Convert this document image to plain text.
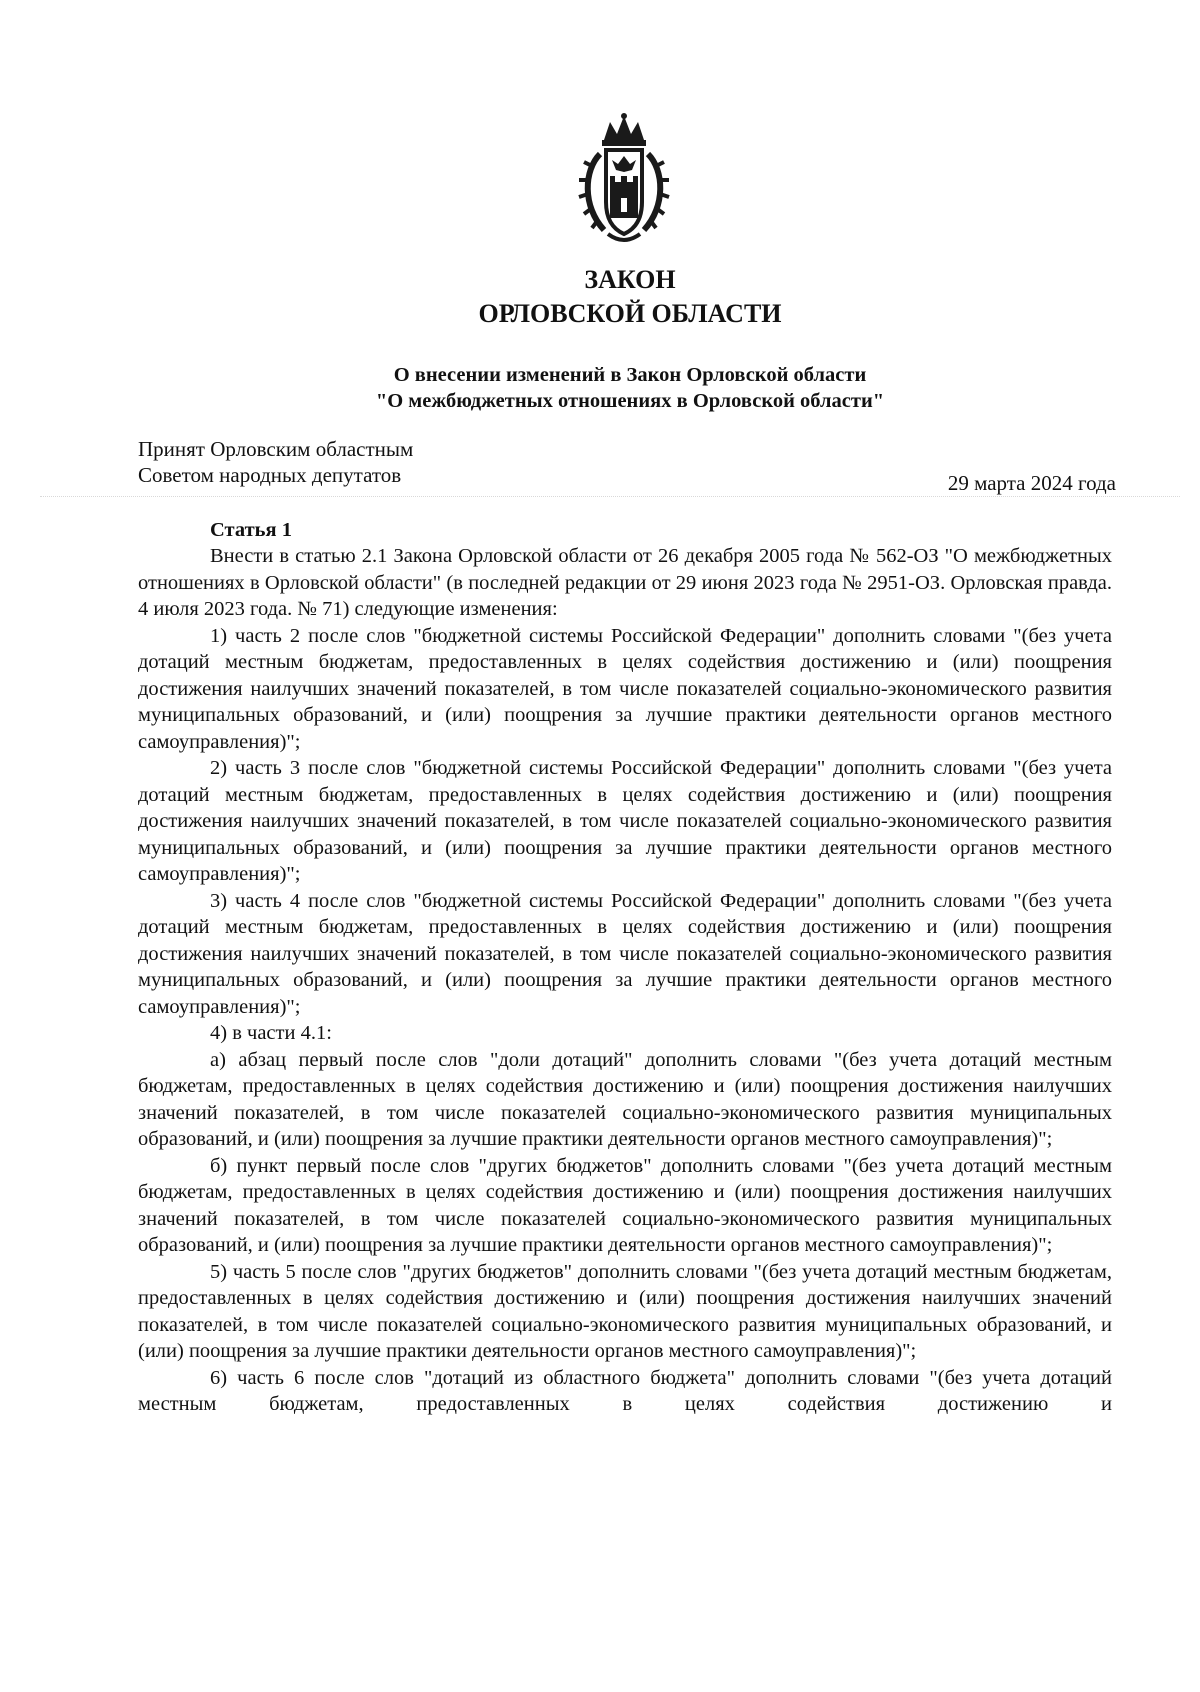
ЗАКОН

ОРЛОВСКОЙ ОБЛАСТИ

О внесении изменений в Закон Орловской области

"О межбюджетных отношениях в Орловской области"

Принят Орловским областным
Советом народных депутатов	29 марта 2024 года
Статья 1

Внести в статью 2.1 Закона Орловской области от 26 декабря 2005 года № 562-ОЗ "О межбюджетных отношениях в Орловской области" (в последней редакции от 29 июня 2023 года № 2951-ОЗ. Орловская правда. 4 июля 2023 года. № 71) следующие изменения:

1) часть 2 после слов "бюджетной системы Российской Федерации" дополнить словами "(без учета дотаций местным бюджетам, предоставленных в целях содействия достижению и (или) поощрения достижения наилучших значений показателей, в том числе показателей социально-экономического развития муниципальных образований, и (или) поощрения за лучшие практики деятельности органов местного самоуправления)";

2) часть 3 после слов "бюджетной системы Российской Федерации" дополнить словами "(без учета дотаций местным бюджетам, предоставленных в целях содействия достижению и (или) поощрения достижения наилучших значений показателей, в том числе показателей социально-экономического развития муниципальных образований, и (или) поощрения за лучшие практики деятельности органов местного самоуправления)";

3) часть 4 после слов "бюджетной системы Российской Федерации" дополнить словами "(без учета дотаций местным бюджетам, предоставленных в целях содействия достижению и (или) поощрения достижения наилучших значений показателей, в том числе показателей социально-экономического развития муниципальных образований, и (или) поощрения за лучшие практики деятельности органов местного самоуправления)";

4) в части 4.1:

а) абзац первый после слов "доли дотаций" дополнить словами "(без учета дотаций местным бюджетам, предоставленных в целях содействия достижению и (или) поощрения достижения наилучших значений показателей, в том числе показателей социально-экономического развития муниципальных образований, и (или) поощрения за лучшие практики деятельности органов местного самоуправления)";

б) пункт первый после слов "других бюджетов" дополнить словами "(без учета дотаций местным бюджетам, предоставленных в целях содействия достижению и (или) поощрения достижения наилучших значений показателей, в том числе показателей социально-экономического развития муниципальных образований, и (или) поощрения за лучшие практики деятельности органов местного самоуправления)";

5) часть 5 после слов "других бюджетов" дополнить словами "(без учета дотаций местным бюджетам, предоставленных в целях содействия достижению и (или) поощрения достижения наилучших значений показателей, в том числе показателей социально-экономического развития муниципальных образований, и (или) поощрения за лучшие практики деятельности органов местного самоуправления)";

6) часть 6 после слов "дотаций из областного бюджета" дополнить словами "(без учета дотаций местным бюджетам, предоставленных в целях содействия достижению и
